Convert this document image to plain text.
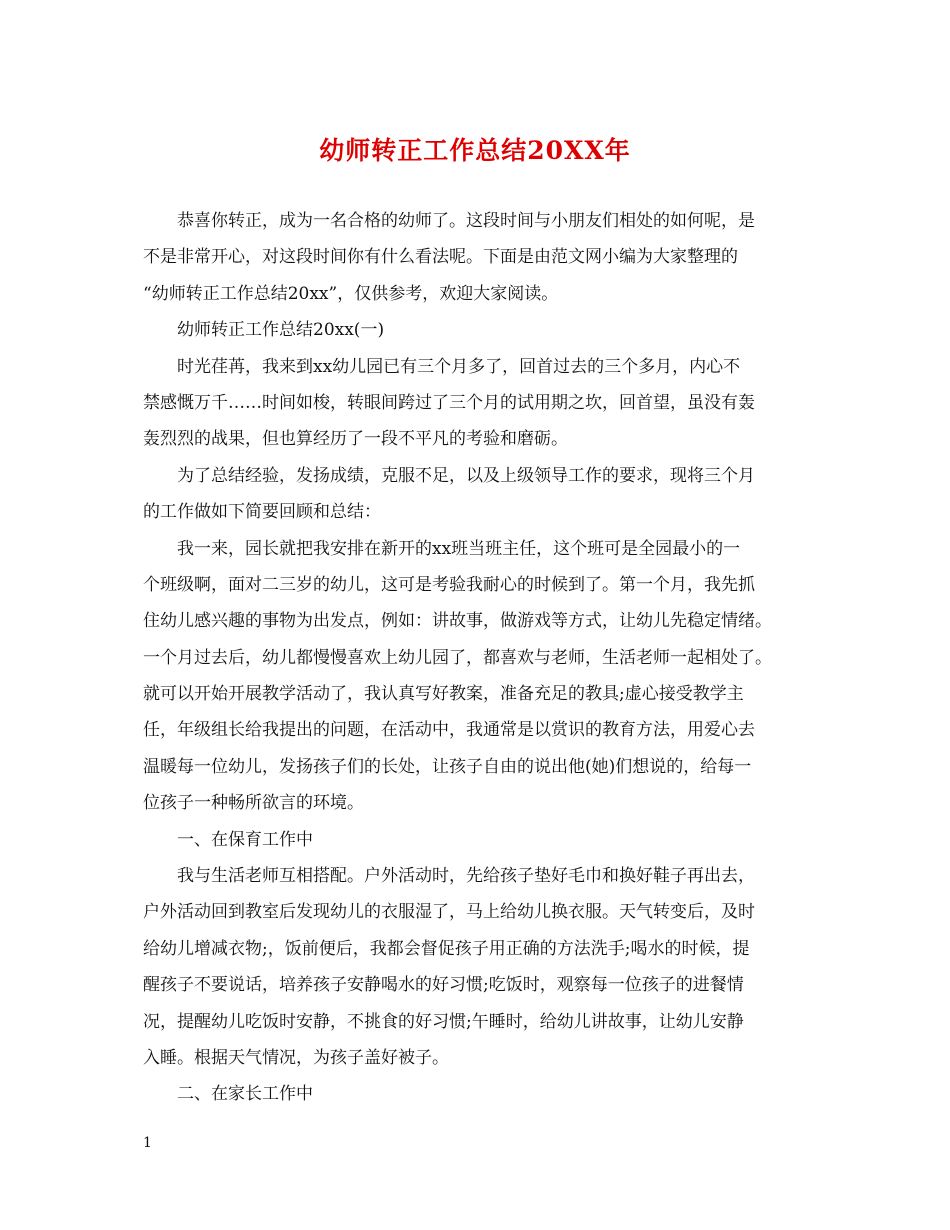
幼师转正工作总结20XX年
恭喜你转正，成为一名合格的幼师了。这段时间与小朋友们相处的如何呢，是
不是非常开心，对这段时间你有什么看法呢。下面是由范文网小编为大家整理的
“幼师转正工作总结20xx”，仅供参考，欢迎大家阅读。
幼师转正工作总结20xx(一)
时光荏苒，我来到xx幼儿园已有三个月多了，回首过去的三个多月，内心不
禁感慨万千……时间如梭，转眼间跨过了三个月的试用期之坎，回首望，虽没有轰
轰烈烈的战果，但也算经历了一段不平凡的考验和磨砺。
为了总结经验，发扬成绩，克服不足，以及上级领导工作的要求，现将三个月
的工作做如下简要回顾和总结：
我一来，园长就把我安排在新开的xx班当班主任，这个班可是全园最小的一
个班级啊，面对二三岁的幼儿，这可是考验我耐心的时候到了。第一个月，我先抓
住幼儿感兴趣的事物为出发点，例如：讲故事，做游戏等方式，让幼儿先稳定情绪。
一个月过去后，幼儿都慢慢喜欢上幼儿园了，都喜欢与老师，生活老师一起相处了。
就可以开始开展教学活动了，我认真写好教案，准备充足的教具;虚心接受教学主
任，年级组长给我提出的问题，在活动中，我通常是以赏识的教育方法，用爱心去
温暖每一位幼儿，发扬孩子们的长处，让孩子自由的说出他(她)们想说的，给每一
位孩子一种畅所欲言的环境。
一、在保育工作中
我与生活老师互相搭配。户外活动时，先给孩子垫好毛巾和换好鞋子再出去，
户外活动回到教室后发现幼儿的衣服湿了，马上给幼儿换衣服。天气转变后，及时
给幼儿增减衣物;，饭前便后，我都会督促孩子用正确的方法洗手;喝水的时候，提
醒孩子不要说话，培养孩子安静喝水的好习惯;吃饭时，观察每一位孩子的进餐情
况，提醒幼儿吃饭时安静，不挑食的好习惯;午睡时，给幼儿讲故事，让幼儿安静
入睡。根据天气情况，为孩子盖好被子。
二、在家长工作中
1
